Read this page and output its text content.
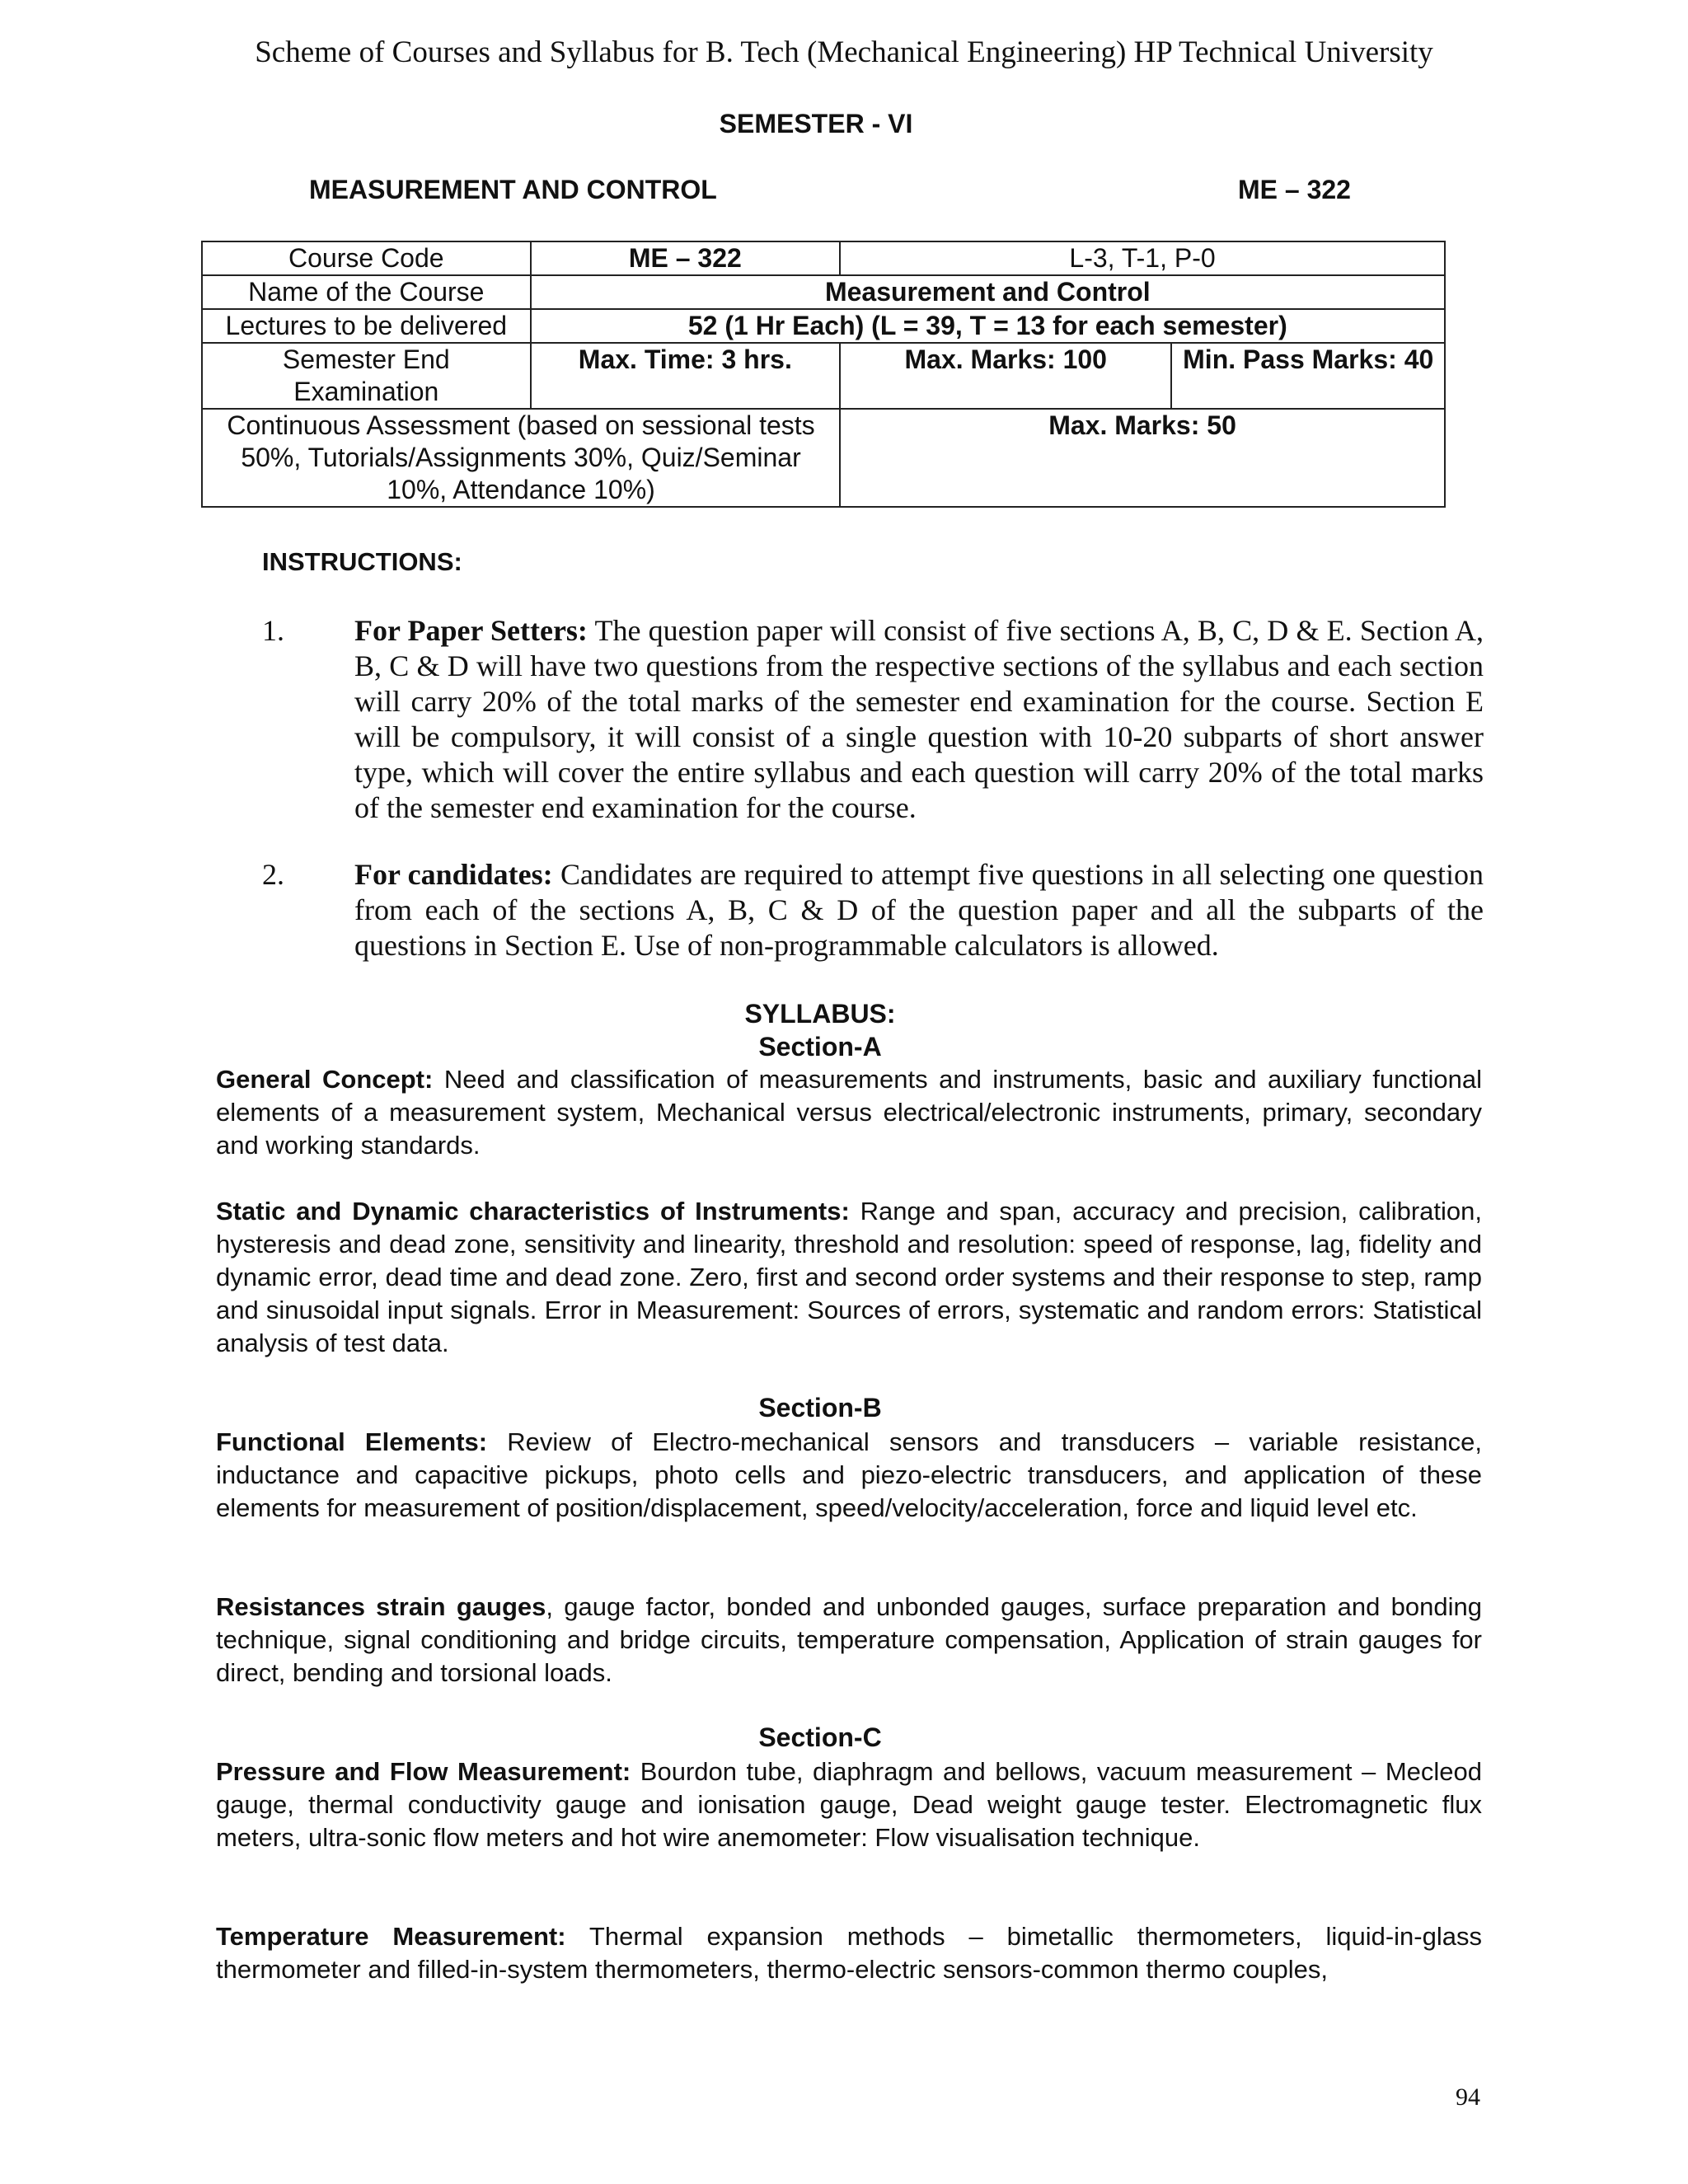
Scheme of Courses and Syllabus for B. Tech (Mechanical Engineering) HP Technical University
SEMESTER - VI
MEASUREMENT AND CONTROL	ME – 322
Course Code	ME – 322	L-3, T-1, P-0	
Name of the Course	Measurement and Control		
Lectures to be delivered	52 (1 Hr Each) (L = 39, T = 13 for each semester)		
Semester End Examination	Max. Time: 3 hrs.	Max. Marks: 100	Min. Pass Marks: 40
Continuous Assessment (based on sessional tests 50%, Tutorials/Assignments 30%, Quiz/Seminar 10%, Attendance 10%)		Max. Marks: 50	
INSTRUCTIONS:
1. For Paper Setters: The question paper will consist of five sections A, B, C, D & E. Section A, B, C & D will have two questions from the respective sections of the syllabus and each section will carry 20% of the total marks of the semester end examination for the course. Section E will be compulsory, it will consist of a single question with 10-20 subparts of short answer type, which will cover the entire syllabus and each question will carry 20% of the total marks of the semester end examination for the course.
2. For candidates: Candidates are required to attempt five questions in all selecting one question from each of the sections A, B, C & D of the question paper and all the subparts of the questions in Section E. Use of non-programmable calculators is allowed.
SYLLABUS:
Section-A
General Concept: Need and classification of measurements and instruments, basic and auxiliary functional elements of a measurement system, Mechanical versus electrical/electronic instruments, primary, secondary and working standards.
Static and Dynamic characteristics of Instruments: Range and span, accuracy and precision, calibration, hysteresis and dead zone, sensitivity and linearity, threshold and resolution: speed of response, lag, fidelity and dynamic error, dead time and dead zone. Zero, first and second order systems and their response to step, ramp and sinusoidal input signals. Error in Measurement: Sources of errors, systematic and random errors: Statistical analysis of test data.
Section-B
Functional Elements: Review of Electro-mechanical sensors and transducers – variable resistance, inductance and capacitive pickups, photo cells and piezo-electric transducers, and application of these elements for measurement of position/displacement, speed/velocity/acceleration, force and liquid level etc.
Resistances strain gauges, gauge factor, bonded and unbonded gauges, surface preparation and bonding technique, signal conditioning and bridge circuits, temperature compensation, Application of strain gauges for direct, bending and torsional loads.
Section-C
Pressure and Flow Measurement: Bourdon tube, diaphragm and bellows, vacuum measurement – Mecleod gauge, thermal conductivity gauge and ionisation gauge, Dead weight gauge tester. Electromagnetic flux meters, ultra-sonic flow meters and hot wire anemometer: Flow visualisation technique.
Temperature Measurement: Thermal expansion methods – bimetallic thermometers, liquid-in-glass thermometer and filled-in-system thermometers, thermo-electric sensors-common thermo couples,
94
